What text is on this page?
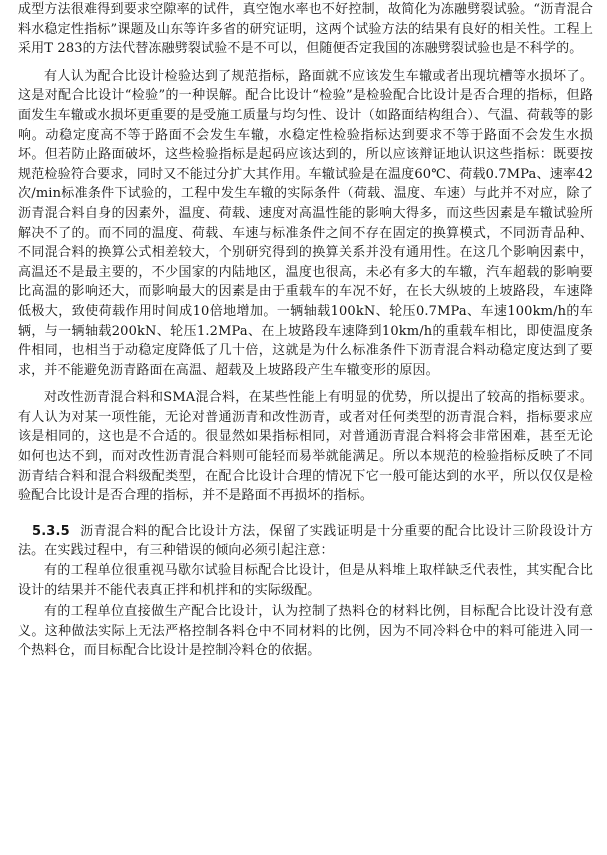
成型方法很难得到要求空隙率的试件，真空饱水率也不好控制，故简化为冻融劈裂试验。“沥青混合料水稳定性指标”课题及山东等许多省的研究证明，这两个试验方法的结果有良好的相关性。工程上采用T 283的方法代替冻融劈裂试验不是不可以，但随便否定我国的冻融劈裂试验也是不科学的。

有人认为配合比设计检验达到了规范指标，路面就不应该发生车辙或者出现坑槽等水损坏了。这是对配合比设计“检验”的一种误解。配合比设计“检验”是检验配合比设计是否合理的指标，但路面发生车辙或水损坏更重要的是受施工质量与均匀性、设计（如路面结构组合）、气温、荷载等的影响。动稳定度高不等于路面不会发生车辙，水稳定性检验指标达到要求不等于路面不会发生水损坏。但若防止路面破坏，这些检验指标是起码应该达到的，所以应该辩证地认识这些指标：既要按规范检验符合要求，同时又不能过分扩大其作用。车辙试验是在温度60℃、荷载0.7MPa、速率42次/min标准条件下试验的，工程中发生车辙的实际条件（荷载、温度、车速）与此并不对应，除了沥青混合料自身的因素外，温度、荷载、速度对高温性能的影响大得多，而这些因素是车辙试验所解决不了的。而不同的温度、荷载、车速与标准条件之间不存在固定的换算模式，不同沥青品种、不同混合料的换算公式相差较大，个别研究得到的换算关系并没有通用性。在这几个影响因素中，高温还不是最主要的，不少国家的内陆地区，温度也很高，未必有多大的车辙，汽车超载的影响要比高温的影响还大，而影响最大的因素是由于重载车的车况不好，在长大纵坡的上坡路段，车速降低极大，致使荷载作用时间成10倍地增加。一辆轴载100kN、轮压0.7MPa、车速100km/h的车辆，与一辆轴载200kN、轮压1.2MPa、在上坡路段车速降到10km/h的重载车相比，即使温度条件相同，也相当于动稳定度降低了几十倍，这就是为什么标准条件下沥青混合料动稳定度达到了要求，并不能避免沥青路面在高温、超载及上坡路段产生车辙变形的原因。

对改性沥青混合料和SMA混合料，在某些性能上有明显的优势，所以提出了较高的指标要求。有人认为对某一项性能，无论对普通沥青和改性沥青，或者对任何类型的沥青混合料，指标要求应该是相同的，这也是不合适的。很显然如果指标相同，对普通沥青混合料将会非常困难，甚至无论如何也达不到，而对改性沥青混合料则可能轻而易举就能满足。所以本规范的检验指标反映了不同沥青结合料和混合料级配类型，在配合比设计合理的情况下它一般可能达到的水平，所以仅仅是检验配合比设计是否合理的指标，并不是路面不再损坏的指标。

5.3.5 沥青混合料的配合比设计方法，保留了实践证明是十分重要的配合比设计三阶段设计方法。在实践过程中，有三种错误的倾向必须引起注意：

有的工程单位很重视马歇尔试验目标配合比设计，但是从料堆上取样缺乏代表性，其实配合比设计的结果并不能代表真正拌和机拌和的实际级配。

有的工程单位直接做生产配合比设计，认为控制了热料仓的材料比例，目标配合比设计没有意义。这种做法实际上无法严格控制各料仓中不同材料的比例，因为不同冷料仓中的料可能进入同一个热料仓，而目标配合比设计是控制冷料仓的依据。
